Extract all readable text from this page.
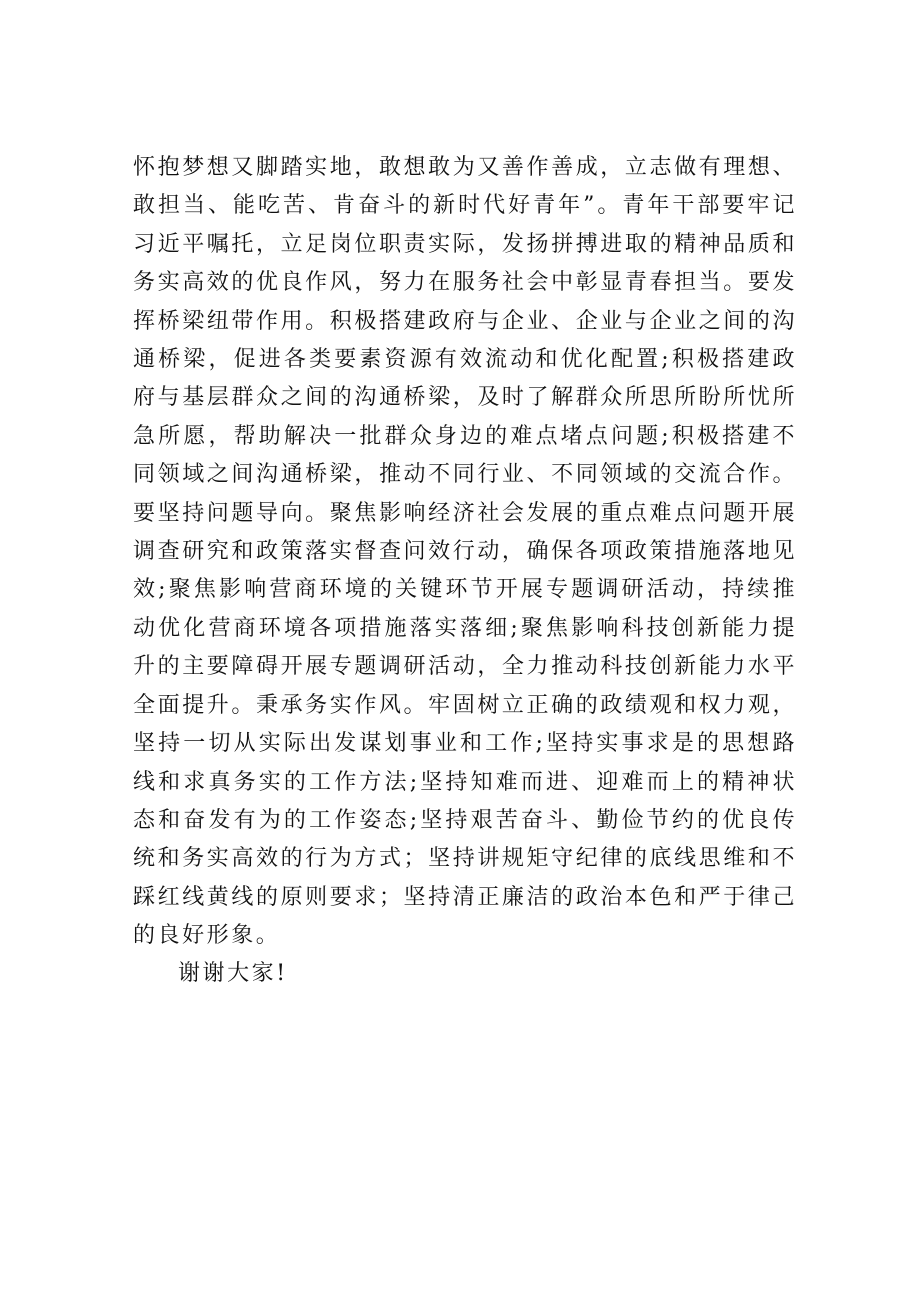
怀抱梦想又脚踏实地，敢想敢为又善作善成，立志做有理想、敢担当、能吃苦、肯奋斗的新时代好青年”。青年干部要牢记习近平嘱托，立足岗位职责实际，发扬拼搏进取的精神品质和务实高效的优良作风，努力在服务社会中彰显青春担当。要发挥桥梁纽带作用。积极搭建政府与企业、企业与企业之间的沟通桥梁，促进各类要素资源有效流动和优化配置;积极搭建政府与基层群众之间的沟通桥梁，及时了解群众所思所盼所忧所急所愿，帮助解决一批群众身边的难点堵点问题;积极搭建不同领域之间沟通桥梁，推动不同行业、不同领域的交流合作。要坚持问题导向。聚焦影响经济社会发展的重点难点问题开展调查研究和政策落实督查问效行动，确保各项政策措施落地见效;聚焦影响营商环境的关键环节开展专题调研活动，持续推动优化营商环境各项措施落实落细;聚焦影响科技创新能力提升的主要障碍开展专题调研活动，全力推动科技创新能力水平全面提升。秉承务实作风。牢固树立正确的政绩观和权力观，坚持一切从实际出发谋划事业和工作;坚持实事求是的思想路线和求真务实的工作方法;坚持知难而进、迎难而上的精神状态和奋发有为的工作姿态;坚持艰苦奋斗、勤俭节约的优良传统和务实高效的行为方式；坚持讲规矩守纪律的底线思维和不踩红线黄线的原则要求；坚持清正廉洁的政治本色和严于律己的良好形象。

谢谢大家!
